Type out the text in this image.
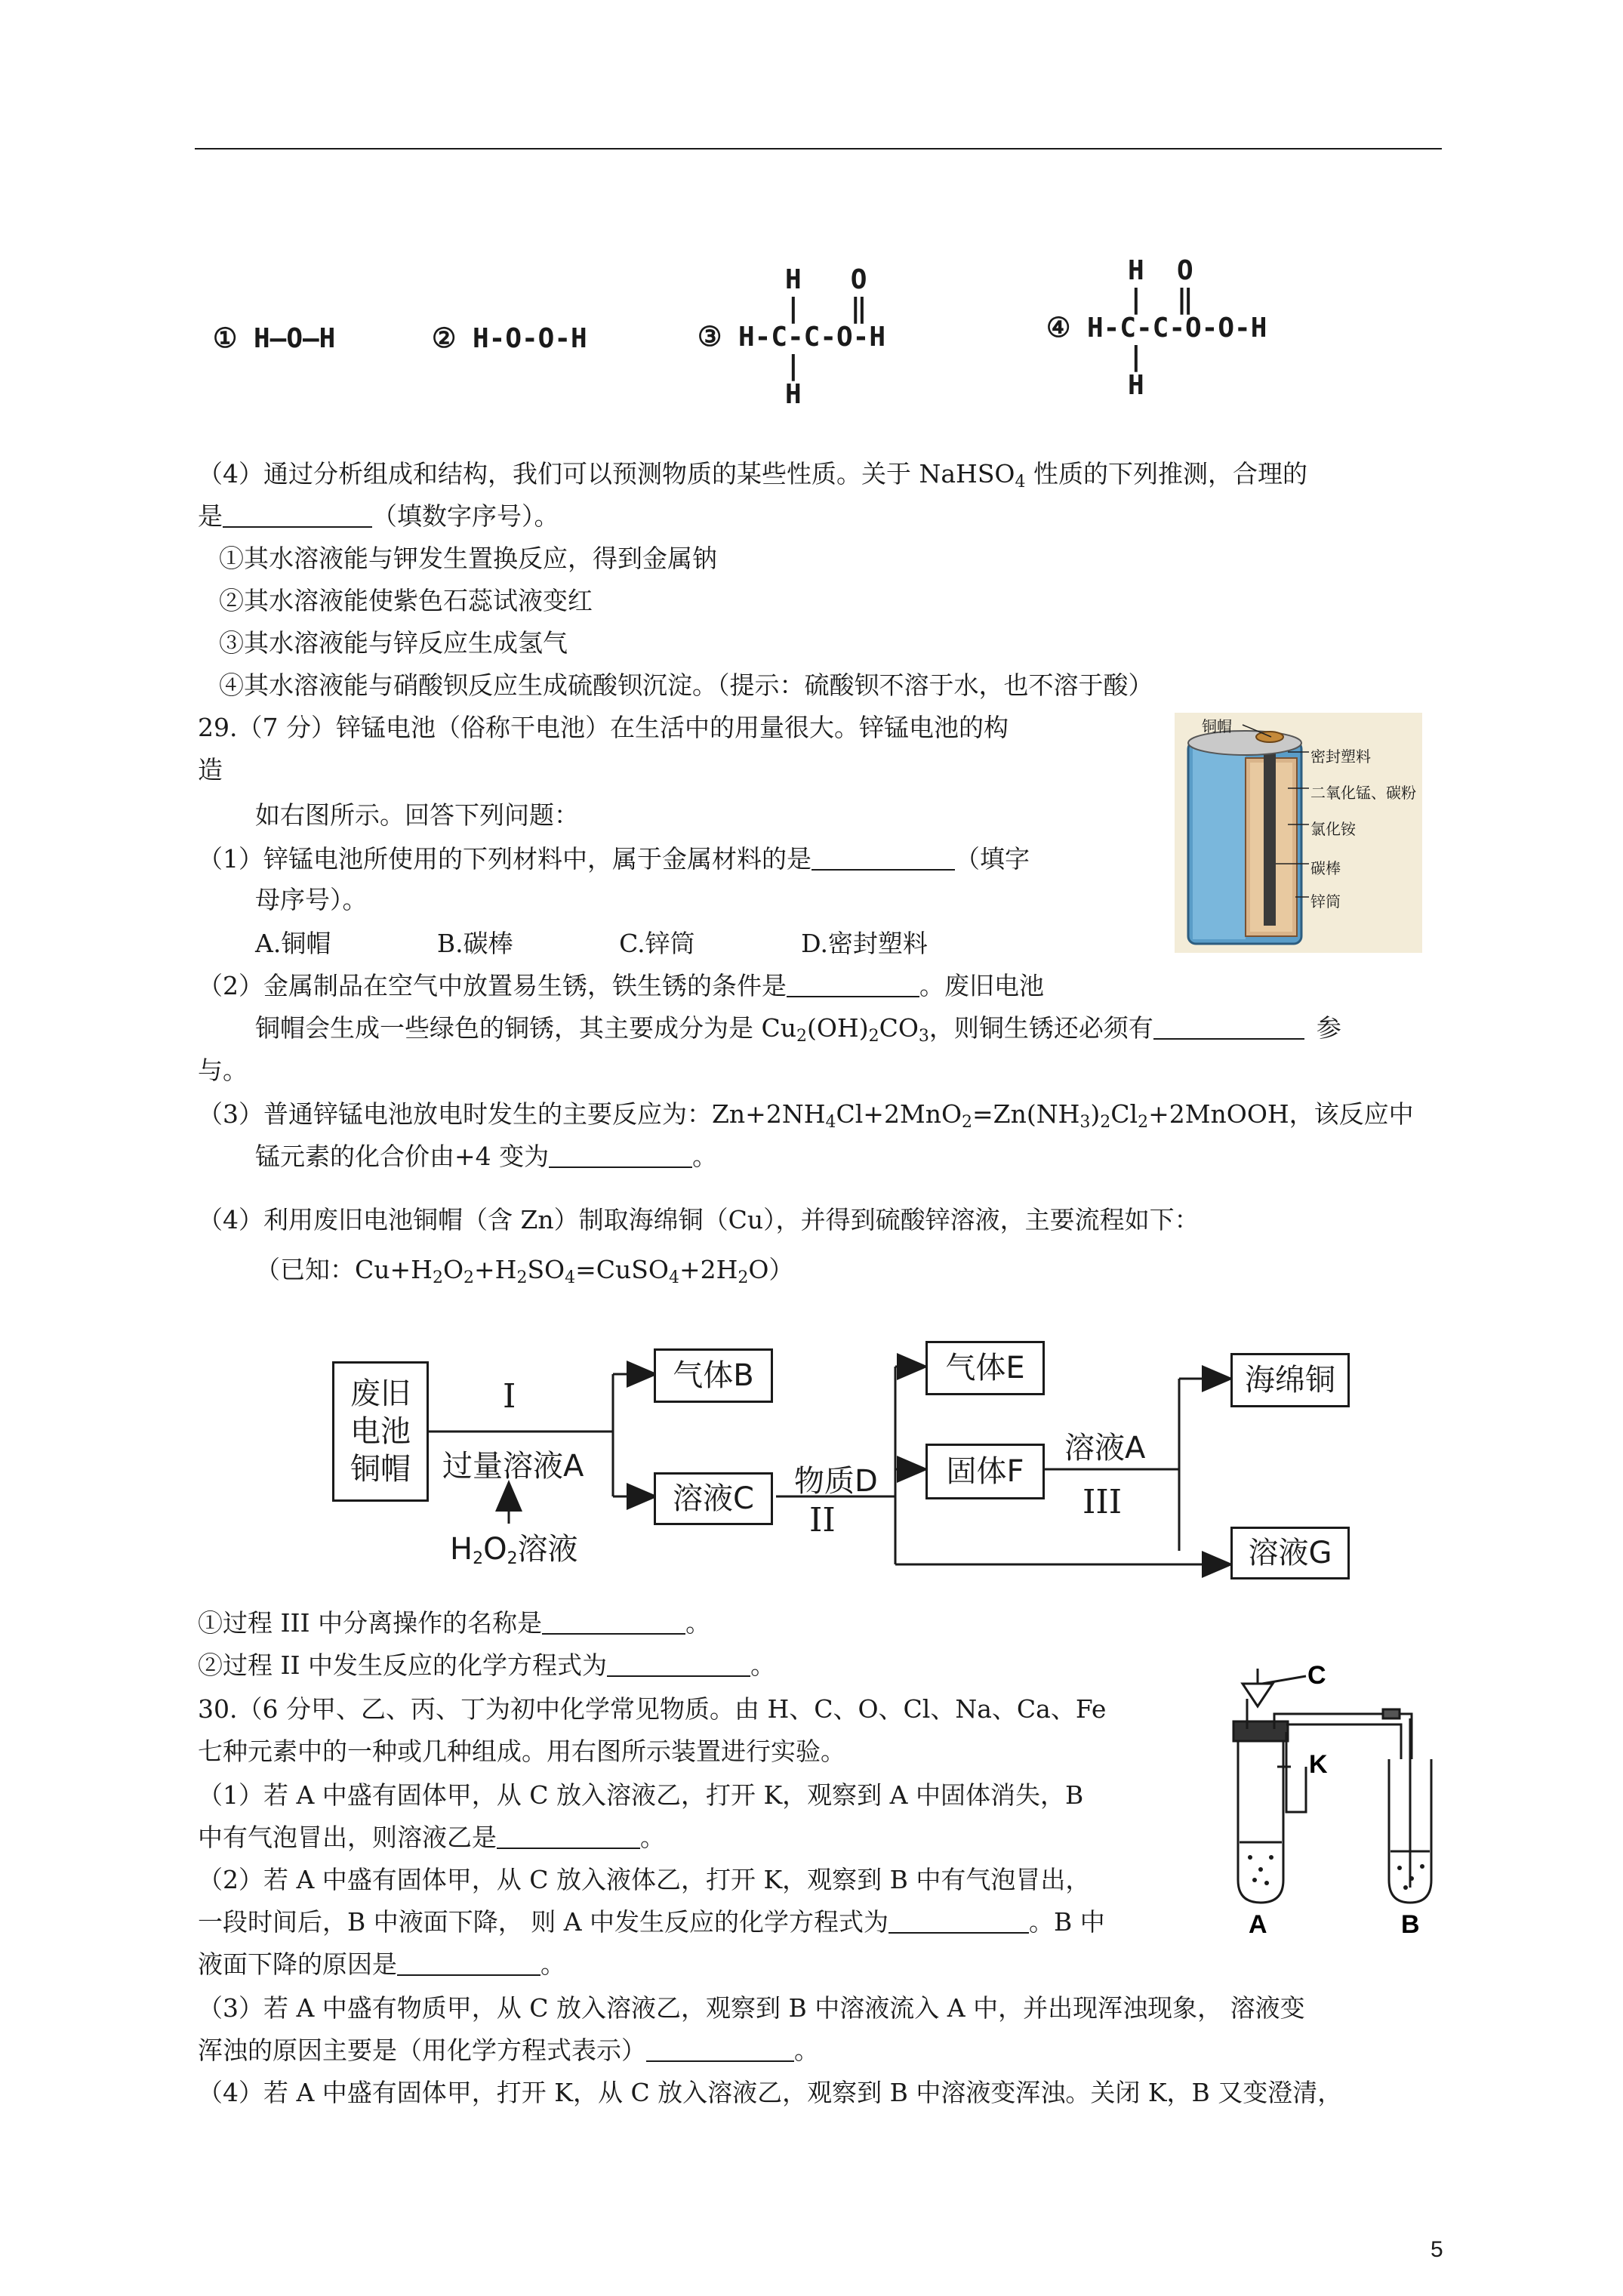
① H—O—H	② H-O-O-H
H   O
|   ‖
③ H-C-C-O-H
|
H
H  O
|  ‖
④ H-C-C-O-O-H
|
H
（4）通过分析组成和结构，我们可以预测物质的某些性质。关于 NaHSO$_4$ 性质的下列推测，合理的
是	（填数字序号）。
①其水溶液能与钾发生置换反应，得到金属钠
②其水溶液能使紫色石蕊试液变红
③其水溶液能与锌反应生成氢气
④其水溶液能与硝酸钡反应生成硫酸钡沉淀。（提示：硫酸钡不溶于水，也不溶于酸）
29.（7 分）锌锰电池（俗称干电池）在生活中的用量很大。锌锰电池的构
造
如右图所示。回答下列问题：
（1）锌锰电池所使用的下列材料中，属于金属材料的是	（填字
母序号）。
A.铜帽	B.碳棒	C.锌筒	D.密封塑料
（2）金属制品在空气中放置易生锈，铁生锈的条件是	。废旧电池
铜帽会生成一些绿色的铜锈，其主要成分为是 $Cu_2(OH)_2CO_3$，则铜生锈还必须有	参
与。
（3）普通锌锰电池放电时发生的主要反应为：$Zn+2NH_4Cl+2MnO_2=Zn(NH_3)_2Cl_2+2MnOOH$，该反应中
锰元素的化合价由+4 变为	。
（4）利用废旧电池铜帽（含 Zn）制取海绵铜（Cu），并得到硫酸锌溶液，主要流程如下：
（已知：$Cu+H_2O_2+H_2SO_4=CuSO_4+2H_2O$）
铜帽
密封塑料
二氧化锰、碳粉
氯化铵
碳棒
锌筒
废旧电池铜帽
I
过量溶液A
$H_2O_2$溶液
气体B
溶液C	物质D
II
气体E
固体F
溶液A
III
海绵铜
溶液G
①过程 III 中分离操作的名称是	。
②过程 II 中发生反应的化学方程式为	。
30.（6 分甲、乙、丙、丁为初中化学常见物质。由 H、C、O、Cl、Na、Ca、Fe
七种元素中的一种或几种组成。用右图所示装置进行实验。
（1）若 A 中盛有固体甲，从 C 放入溶液乙，打开 K，观察到 A 中固体消失，B
中有气泡冒出，则溶液乙是	。
（2）若 A 中盛有固体甲，从 C 放入液体乙，打开 K，观察到 B 中有气泡冒出，
一段时间后，B 中液面下降， 则 A 中发生反应的化学方程式为	。B 中
液面下降的原因是	。
（3）若 A 中盛有物质甲，从 C 放入溶液乙，观察到 B 中溶液流入 A 中，并出现浑浊现象， 溶液变
浑浊的原因主要是（用化学方程式表示）	。
（4）若 A 中盛有固体甲，打开 K，从 C 放入溶液乙，观察到 B 中溶液变浑浊。关闭 K，B 又变澄清，
C
K
A	B
5
